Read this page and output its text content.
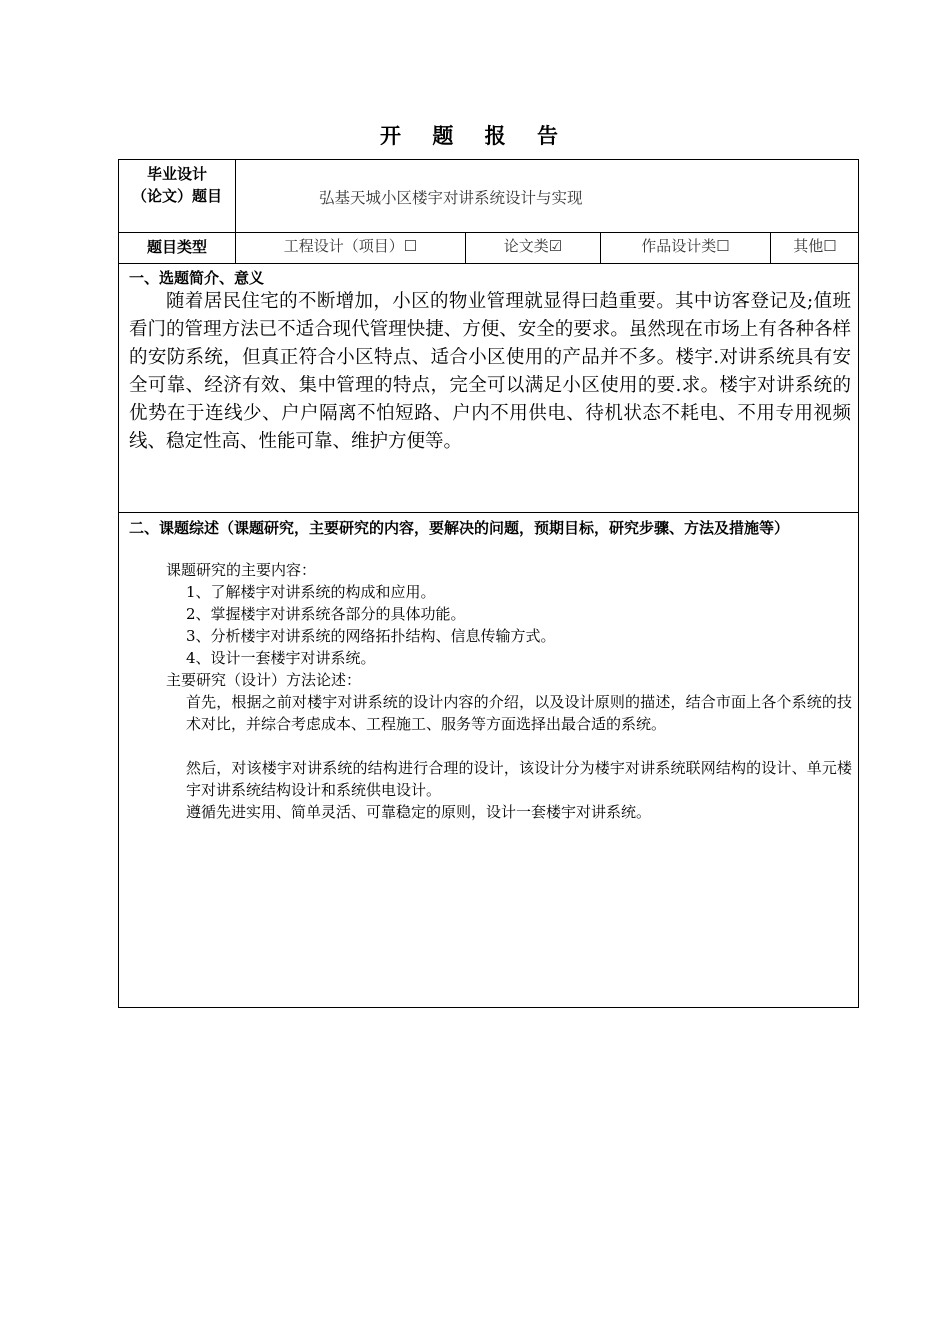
开 题 报 告
毕业设计
（论文）题目	弘基天城小区楼宇对讲系统设计与实现
题目类型	工程设计（项目）☐	论文类☑	作品设计类☐	其他☐
一、选题简介、意义
随着居民住宅的不断增加，小区的物业管理就显得曰趋重要。其中访客登记及;值班看门的管理方法已不适合现代管理快捷、方便、安全的要求。虽然现在市场上有各种各样的安防系统，但真正符合小区特点、适合小区使用的产品并不多。楼宇.对讲系统具有安全可靠、经济有效、集中管理的特点，完全可以满足小区使用的要.求。楼宇对讲系统的优势在于连线少、户户隔离不怕短路、户内不用供电、待机状态不耗电、不用专用视频线、稳定性高、性能可靠、维护方便等。
二、课题综述（课题研究，主要研究的内容，要解决的问题，预期目标，研究步骤、方法及措施等）
课题研究的主要内容：
1、了解楼宇对讲系统的构成和应用。
2、掌握楼宇对讲系统各部分的具体功能。
3、分析楼宇对讲系统的网络拓扑结构、信息传输方式。
4、设计一套楼宇对讲系统。
主要研究（设计）方法论述：
首先，根据之前对楼宇对讲系统的设计内容的介绍，以及设计原则的描述，结合市面上各个系统的技术对比，并综合考虑成本、工程施工、服务等方面选择出最合适的系统。
然后，对该楼宇对讲系统的结构进行合理的设计，该设计分为楼宇对讲系统联网结构的设计、单元楼宇对讲系统结构设计和系统供电设计。
遵循先进实用、简单灵活、可靠稳定的原则，设计一套楼宇对讲系统。
